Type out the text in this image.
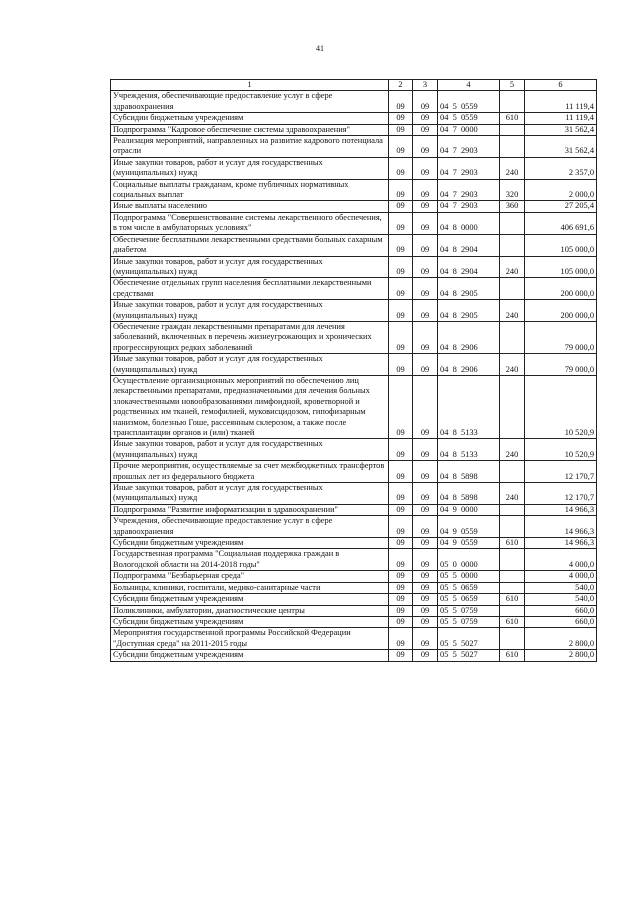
41
1	2	3	4	5	6
Учреждения, обеспечивающие предоставление услуг в сфере здравоохранения	09	09	04  5  0559		11 119,4
Субсидии бюджетным учреждениям	09	09	04  5  0559	610	11 119,4
Подпрограмма "Кадровое обеспечение системы здравоохранения"	09	09	04  7  0000		31 562,4
Реализация мероприятий, направленных на развитие кадрового потенциала отрасли	09	09	04  7  2903		31 562,4
Иные закупки товаров, работ и услуг для государственных (муниципальных) нужд	09	09	04  7  2903	240	2 357,0
Социальные выплаты гражданам, кроме публичных нормативных социальных выплат	09	09	04  7  2903	320	2 000,0
Иные выплаты населению	09	09	04  7  2903	360	27 205,4
Подпрограмма "Совершенствование системы лекарственного обеспечения, в том числе в амбулаторных условиях"	09	09	04  8  0000		406 691,6
Обеспечение бесплатными лекарственными средствами больных сахарным диабетом	09	09	04  8  2904		105 000,0
Иные закупки товаров, работ и услуг для государственных (муниципальных) нужд	09	09	04  8  2904	240	105 000,0
Обеспечение отдельных групп населения бесплатными лекарственными средствами	09	09	04  8  2905		200 000,0
Иные закупки товаров, работ и услуг для государственных (муниципальных) нужд	09	09	04  8  2905	240	200 000,0
Обеспечение граждан лекарственными препаратами для лечения заболеваний, включенных в перечень жизнеугрожающих и хронических прогрессирующих редких заболеваний	09	09	04  8  2906		79 000,0
Иные закупки товаров, работ и услуг для государственных (муниципальных) нужд	09	09	04  8  2906	240	79 000,0
Осуществление организационных мероприятий по обеспечению лиц лекарственными препаратами, предназначенными для лечения больных злокачественными новообразованиями лимфоидной, кроветворной и родственных им тканей, гемофилией, муковисцидозом, гипофизарным нанизмом, болезнью Гоше, рассеянным склерозом, а также после трансплантации органов и (или) тканей	09	09	04  8  5133		10 520,9
Иные закупки товаров, работ и услуг для государственных (муниципальных) нужд	09	09	04  8  5133	240	10 520,9
Прочие мероприятия, осуществляемые за счет межбюджетных трансфертов прошлых лет из федерального бюджета	09	09	04  8  5898		12 170,7
Иные закупки товаров, работ и услуг для государственных (муниципальных) нужд	09	09	04  8  5898	240	12 170,7
Подпрограмма "Развитие информатизации в здравоохранении"	09	09	04  9  0000		14 966,3
Учреждения, обеспечивающие предоставление услуг в сфере здравоохранения	09	09	04  9  0559		14 966,3
Субсидии бюджетным учреждениям	09	09	04  9  0559	610	14 966,3
Государственная программа "Социальная поддержка граждан в Вологодской области на 2014-2018 годы"	09	09	05  0  0000		4 000,0
Подпрограмма "Безбарьерная среда"	09	09	05  5  0000		4 000,0
Больницы, клиники, госпитали, медико-санитарные части	09	09	05  5  0659		540,0
Субсидии бюджетным учреждениям	09	09	05  5  0659	610	540,0
Поликлиники, амбулатории, диагностические центры	09	09	05  5  0759		660,0
Субсидии бюджетным учреждениям	09	09	05  5  0759	610	660,0
Мероприятия государственной программы Российской Федерации "Доступная среда" на 2011-2015 годы	09	09	05  5  5027		2 800,0
Субсидии бюджетным учреждениям	09	09	05  5  5027	610	2 800,0
